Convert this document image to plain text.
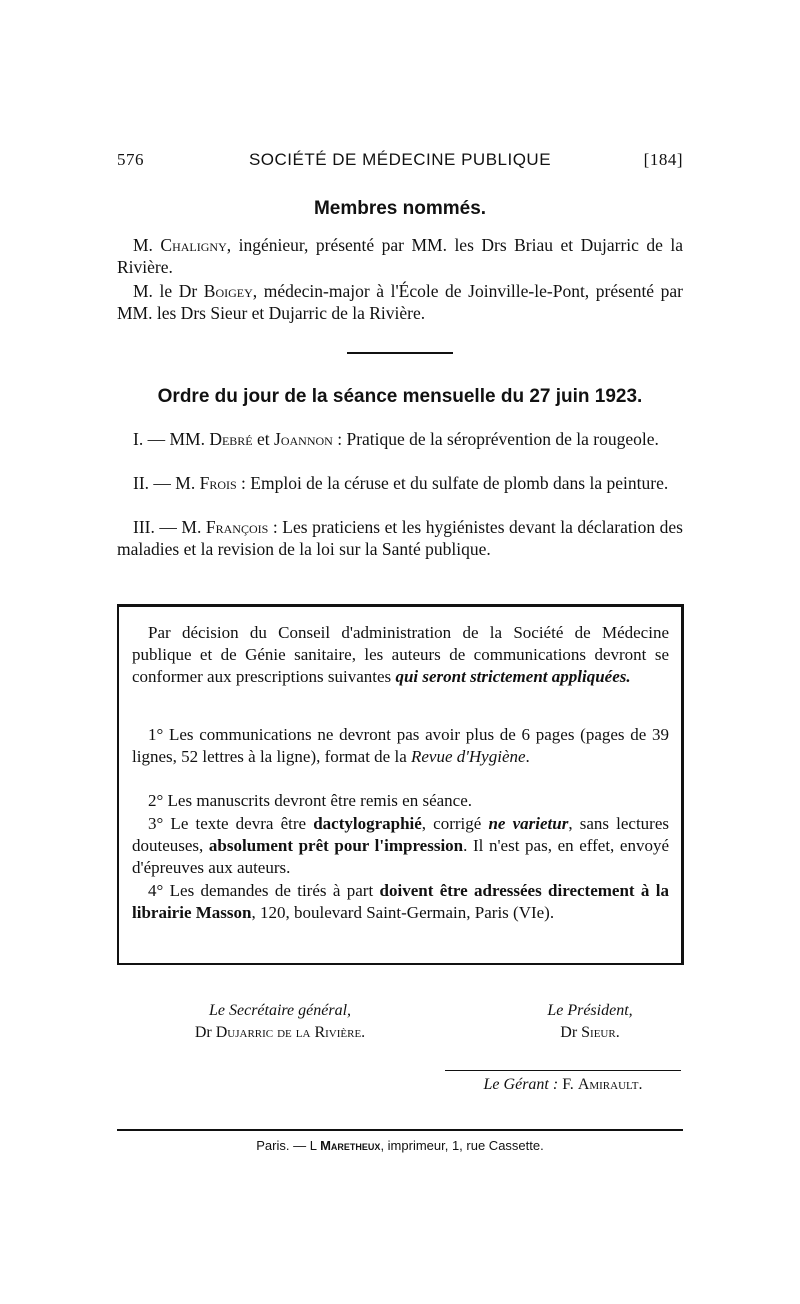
576	SOCIÉTÉ DE MÉDECINE PUBLIQUE	[184]
Membres nommés.
M. Chaligny, ingénieur, présenté par MM. les Drs Briau et Dujarric de la Rivière.
M. le Dr Boigey, médecin-major à l'École de Joinville-le-Pont, présenté par MM. les Drs Sieur et Dujarric de la Rivière.
Ordre du jour de la séance mensuelle du 27 juin 1923.
I. — MM. Debré et Joannon : Pratique de la séroprévention de la rougeole.
II. — M. Frois : Emploi de la céruse et du sulfate de plomb dans la peinture.
III. — M. François : Les praticiens et les hygiénistes devant la déclaration des maladies et la revision de la loi sur la Santé publique.
Par décision du Conseil d'administration de la Société de Médecine publique et de Génie sanitaire, les auteurs de communications devront se conformer aux prescriptions suivantes qui seront strictement appliquées.
1° Les communications ne devront pas avoir plus de 6 pages (pages de 39 lignes, 52 lettres à la ligne), format de la Revue d'Hygiène.
2° Les manuscrits devront être remis en séance.
3° Le texte devra être dactylographié, corrigé ne varietur, sans lectures douteuses, absolument prêt pour l'impression. Il n'est pas, en effet, envoyé d'épreuves aux auteurs.
4° Les demandes de tirés à part doivent être adressées directement à la librairie Masson, 120, boulevard Saint-Germain, Paris (VIe).
Le Secrétaire général,
Dr Dujarric de la Rivière.
Le Président,
Dr Sieur.
Le Gérant : F. Amirault.
Paris. — L Maretheux, imprimeur, 1, rue Cassette.
